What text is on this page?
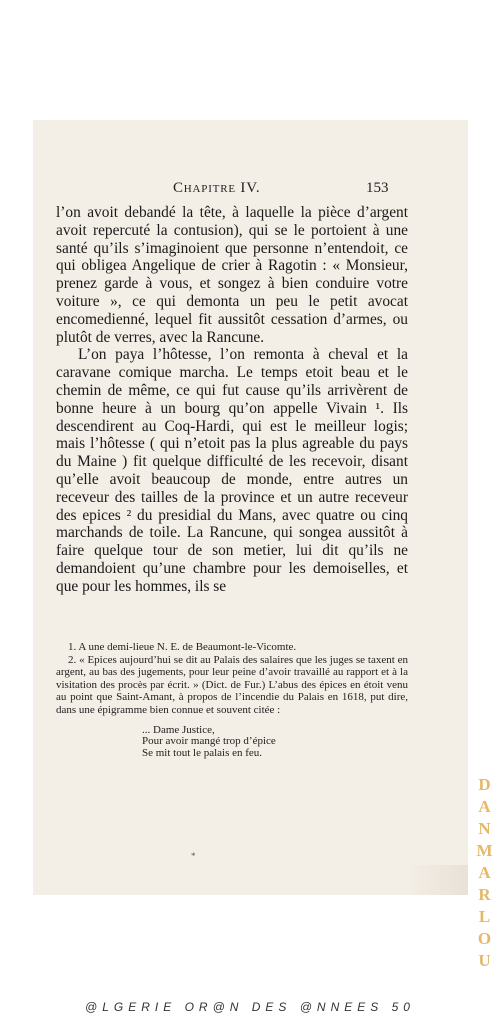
Chapitre IV.	153

l’on avoit debandé la tête, à laquelle la pièce d’argent avoit repercuté la contusion), qui se le portoient à une santé qu’ils s’imaginoient que personne n’entendoit, ce qui obligea Angelique de crier à Ragotin : « Monsieur, prenez garde à vous, et songez à bien conduire votre voiture », ce qui demonta un peu le petit avocat encomedienné, lequel fit aussitôt cessation d’armes, ou plutôt de verres, avec la Rancune.

L’on paya l’hôtesse, l’on remonta à cheval et la caravane comique marcha. Le temps etoit beau et le chemin de même, ce qui fut cause qu’ils arrivèrent de bonne heure à un bourg qu’on appelle Vivain ¹. Ils descendirent au Coq-Hardi, qui est le meilleur logis; mais l’hôtesse ( qui n’etoit pas la plus agreable du pays du Maine ) fit quelque difficulté de les recevoir, disant qu’elle avoit beaucoup de monde, entre autres un receveur des tailles de la province et un autre receveur des epices ² du presidial du Mans, avec quatre ou cinq marchands de toile. La Rancune, qui songea aussitôt à faire quelque tour de son metier, lui dit qu’ils ne demandoient qu’une chambre pour les demoiselles, et que pour les hommes, ils se

1. A une demi-lieue N. E. de Beaumont-le-Vicomte.

2. « Epices aujourd’hui se dit au Palais des salaires que les juges se taxent en argent, au bas des jugements, pour leur peine d’avoir travaillé au rapport et à la visitation des procès par écrit. » (Dict. de Fur.) L’abus des épices en étoit venu au point que Saint-Amant, à propos de l’incendie du Palais en 1618, put dire, dans une épigramme bien connue et souvent citée :

... Dame Justice,
Pour avoir mangé trop d’épice
Se mit tout le palais en feu.
*	DANMARLOU
@LGERIE OR@N DES @NNEES 50
